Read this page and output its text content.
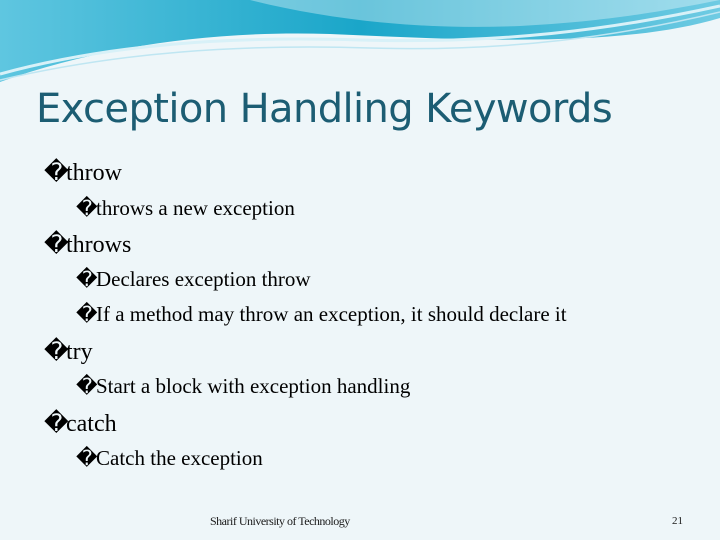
Exception Handling Keywords
�throw
�throws a new exception
�throws
�Declares exception throw
�If a method may throw an exception, it should declare it
�try
�Start a block with exception handling
�catch
�Catch the exception
Sharif University of Technology	21
